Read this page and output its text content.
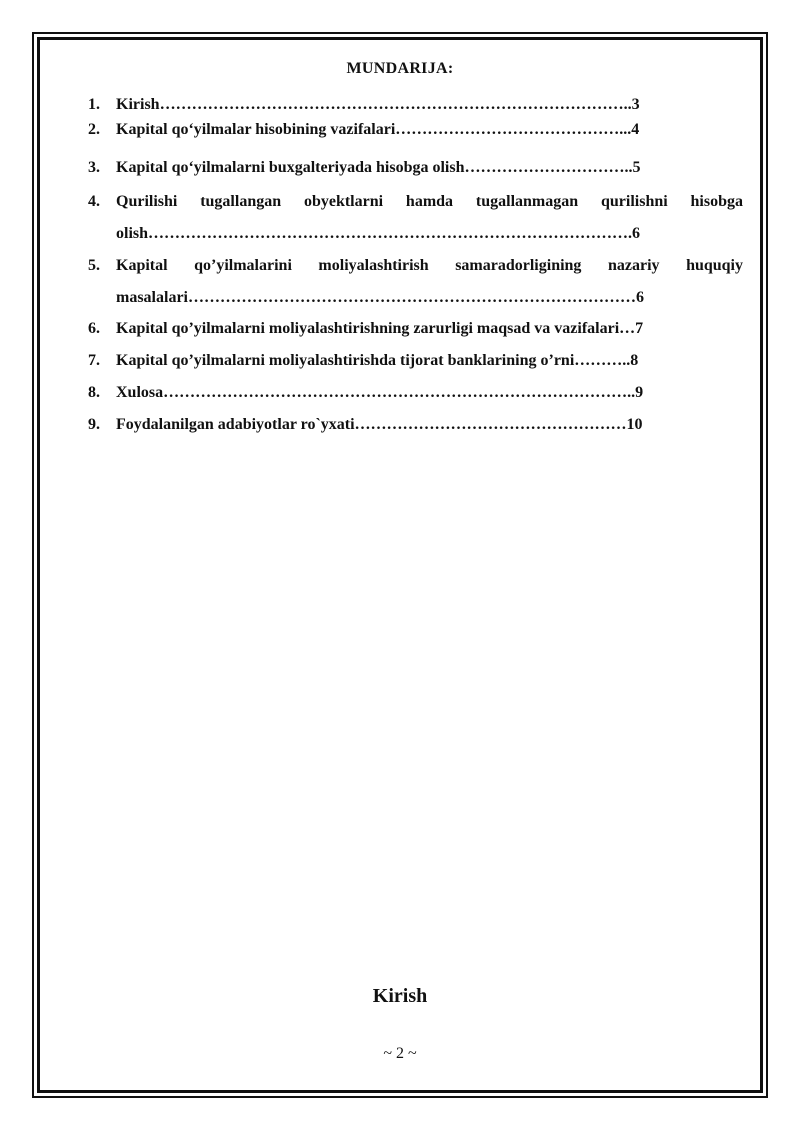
MUNDARIJA:
1.	Kirish……………………………………………………………………………..3
2.	Kapital qo‘yilmalar hisobining vazifalari……………………………………...4
3.	Kapital qo‘yilmalarni buxgalteriyada hisobga olish…………………………..5
4.	Qurilishi tugallangan obyektlarni hamda tugallanmagan qurilishni hisobga olish……………………………………………………………………………….6
5.	Kapital qo’yilmalarini moliyalashtirish samaradorligining nazariy huquqiy masalalari…………………………………………………………………………6
6.	Kapital qo’yilmalarni moliyalashtirishning zarurligi maqsad va vazifalari…7
7.	Kapital qo’yilmalarni moliyalashtirishda tijorat banklarining o’rni………..8
8.	Xulosa……………………………………………………………………………..9
9.	Foydalanilgan adabiyotlar ro`yxati……………………………………………10
Kirish
~ 2 ~
